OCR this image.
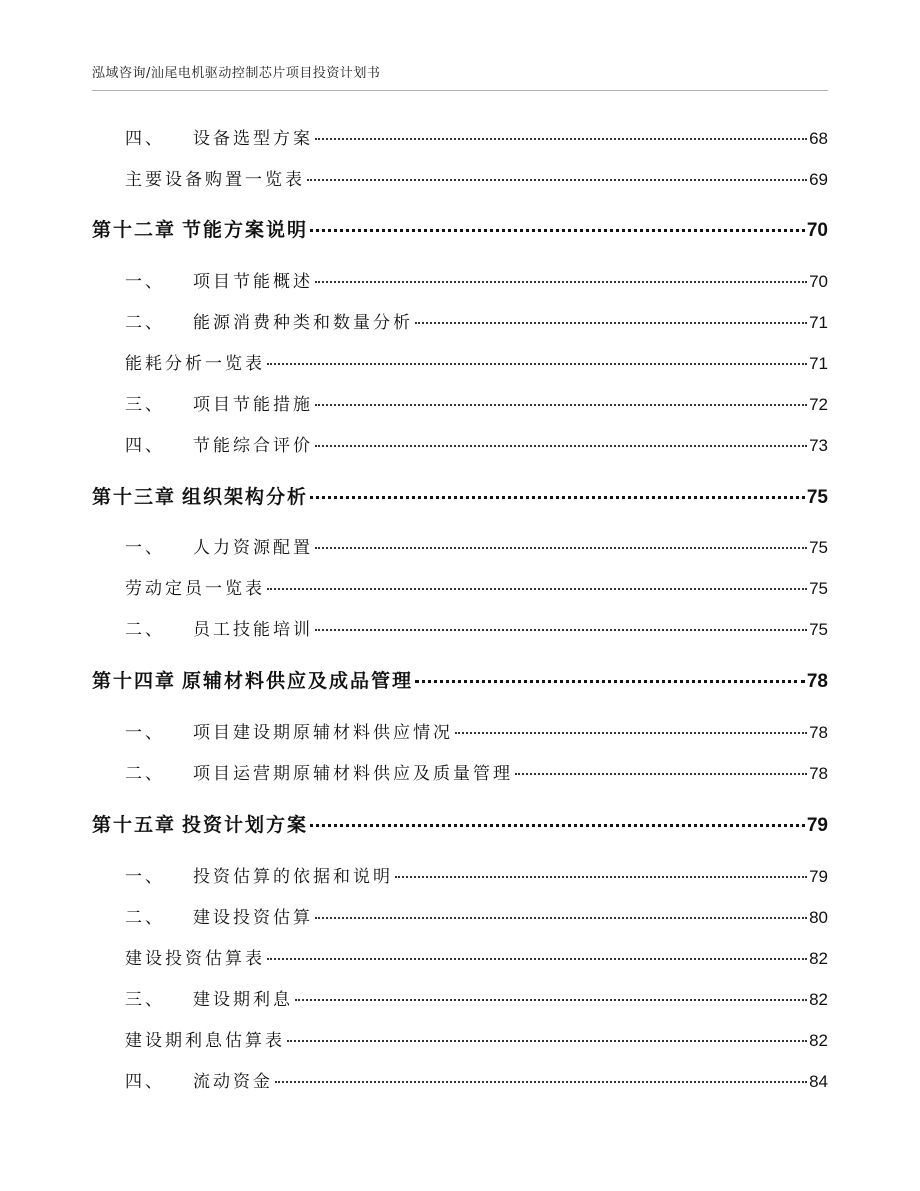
泓域咨询/汕尾电机驱动控制芯片项目投资计划书
四、 设备选型方案	68
主要设备购置一览表	69
第十二章 节能方案说明	70
一、 项目节能概述	70
二、 能源消费种类和数量分析	71
能耗分析一览表	71
三、 项目节能措施	72
四、 节能综合评价	73
第十三章 组织架构分析	75
一、 人力资源配置	75
劳动定员一览表	75
二、 员工技能培训	75
第十四章 原辅材料供应及成品管理	78
一、 项目建设期原辅材料供应情况	78
二、 项目运营期原辅材料供应及质量管理	78
第十五章 投资计划方案	79
一、 投资估算的依据和说明	79
二、 建设投资估算	80
建设投资估算表	82
三、 建设期利息	82
建设期利息估算表	82
四、 流动资金	84
